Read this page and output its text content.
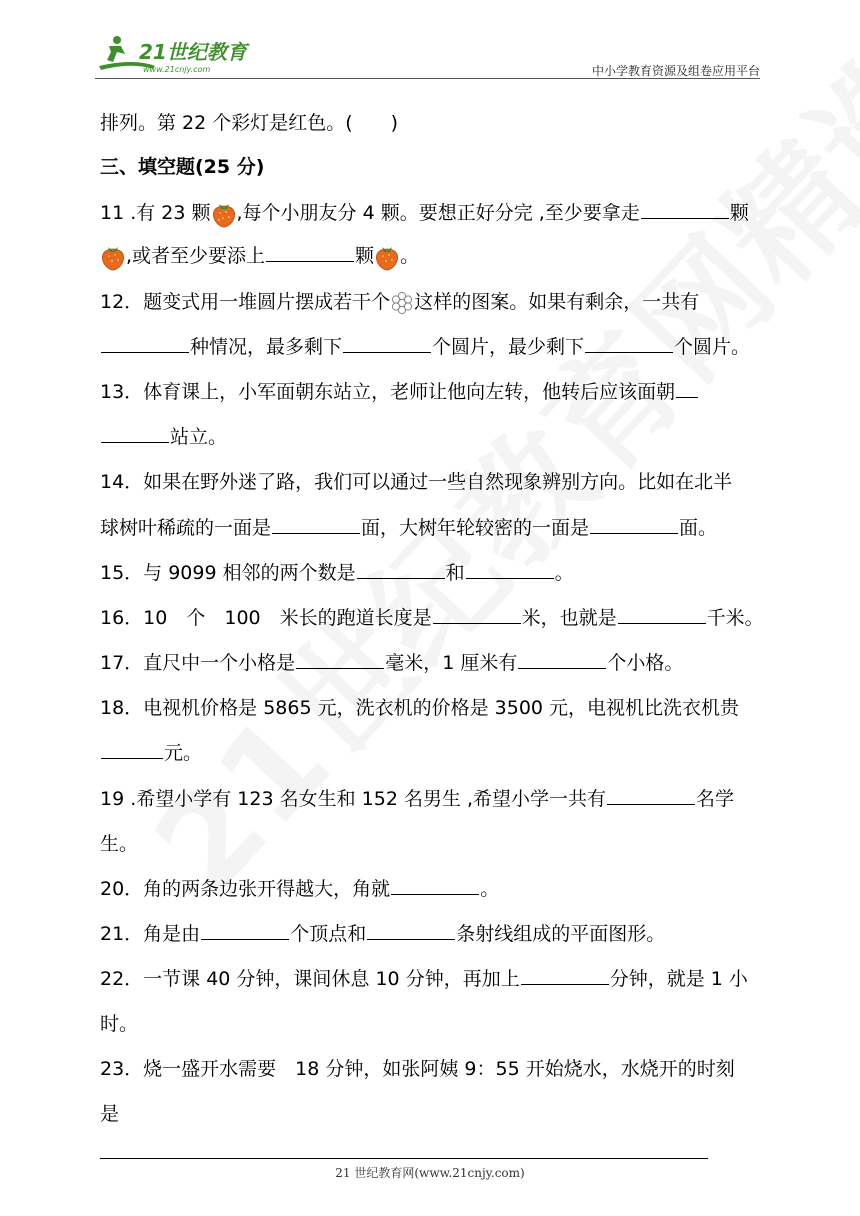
21世纪教育
www.21cnjy.com	中小学教育资源及组卷应用平台
排列。第 22 个彩灯是红色。(　　)
三、填空题(25 分)
11 .有 23 颗 ,每个小朋友分 4 颗。要想正好分完 ,至少要拿走	颗
,或者至少要添上	颗 。
12．题变式用一堆圆片摆成若干个 这样的图案。如果有剩余，一共有
种情况，最多剩下	个圆片，最少剩下	个圆片。
13．体育课上，小军面朝东站立，老师让他向左转，他转后应该面朝
站立。
14．如果在野外迷了路，我们可以通过一些自然现象辨别方向。比如在北半
球树叶稀疏的一面是	面，大树年轮较密的一面是	面。
15．与 9099 相邻的两个数是	和	。
16．10　个　100　米长的跑道长度是	米，也就是	千米。
17．直尺中一个小格是	毫米，1 厘米有	个小格。
18．电视机价格是 5865 元，洗衣机的价格是 3500 元，电视机比洗衣机贵
元。
19 .希望小学有 123 名女生和 152 名男生 ,希望小学一共有	名学
生。
20．角的两条边张开得越大，角就	。
21．角是由	个顶点和	条射线组成的平面图形。
22．一节课 40 分钟，课间休息 10 分钟，再加上	分钟，就是 1 小
时。
23．烧一盛开水需要　18 分钟，如张阿姨 9：55 开始烧水，水烧开的时刻
是
21 世纪教育网(www.21cnjy.com)
